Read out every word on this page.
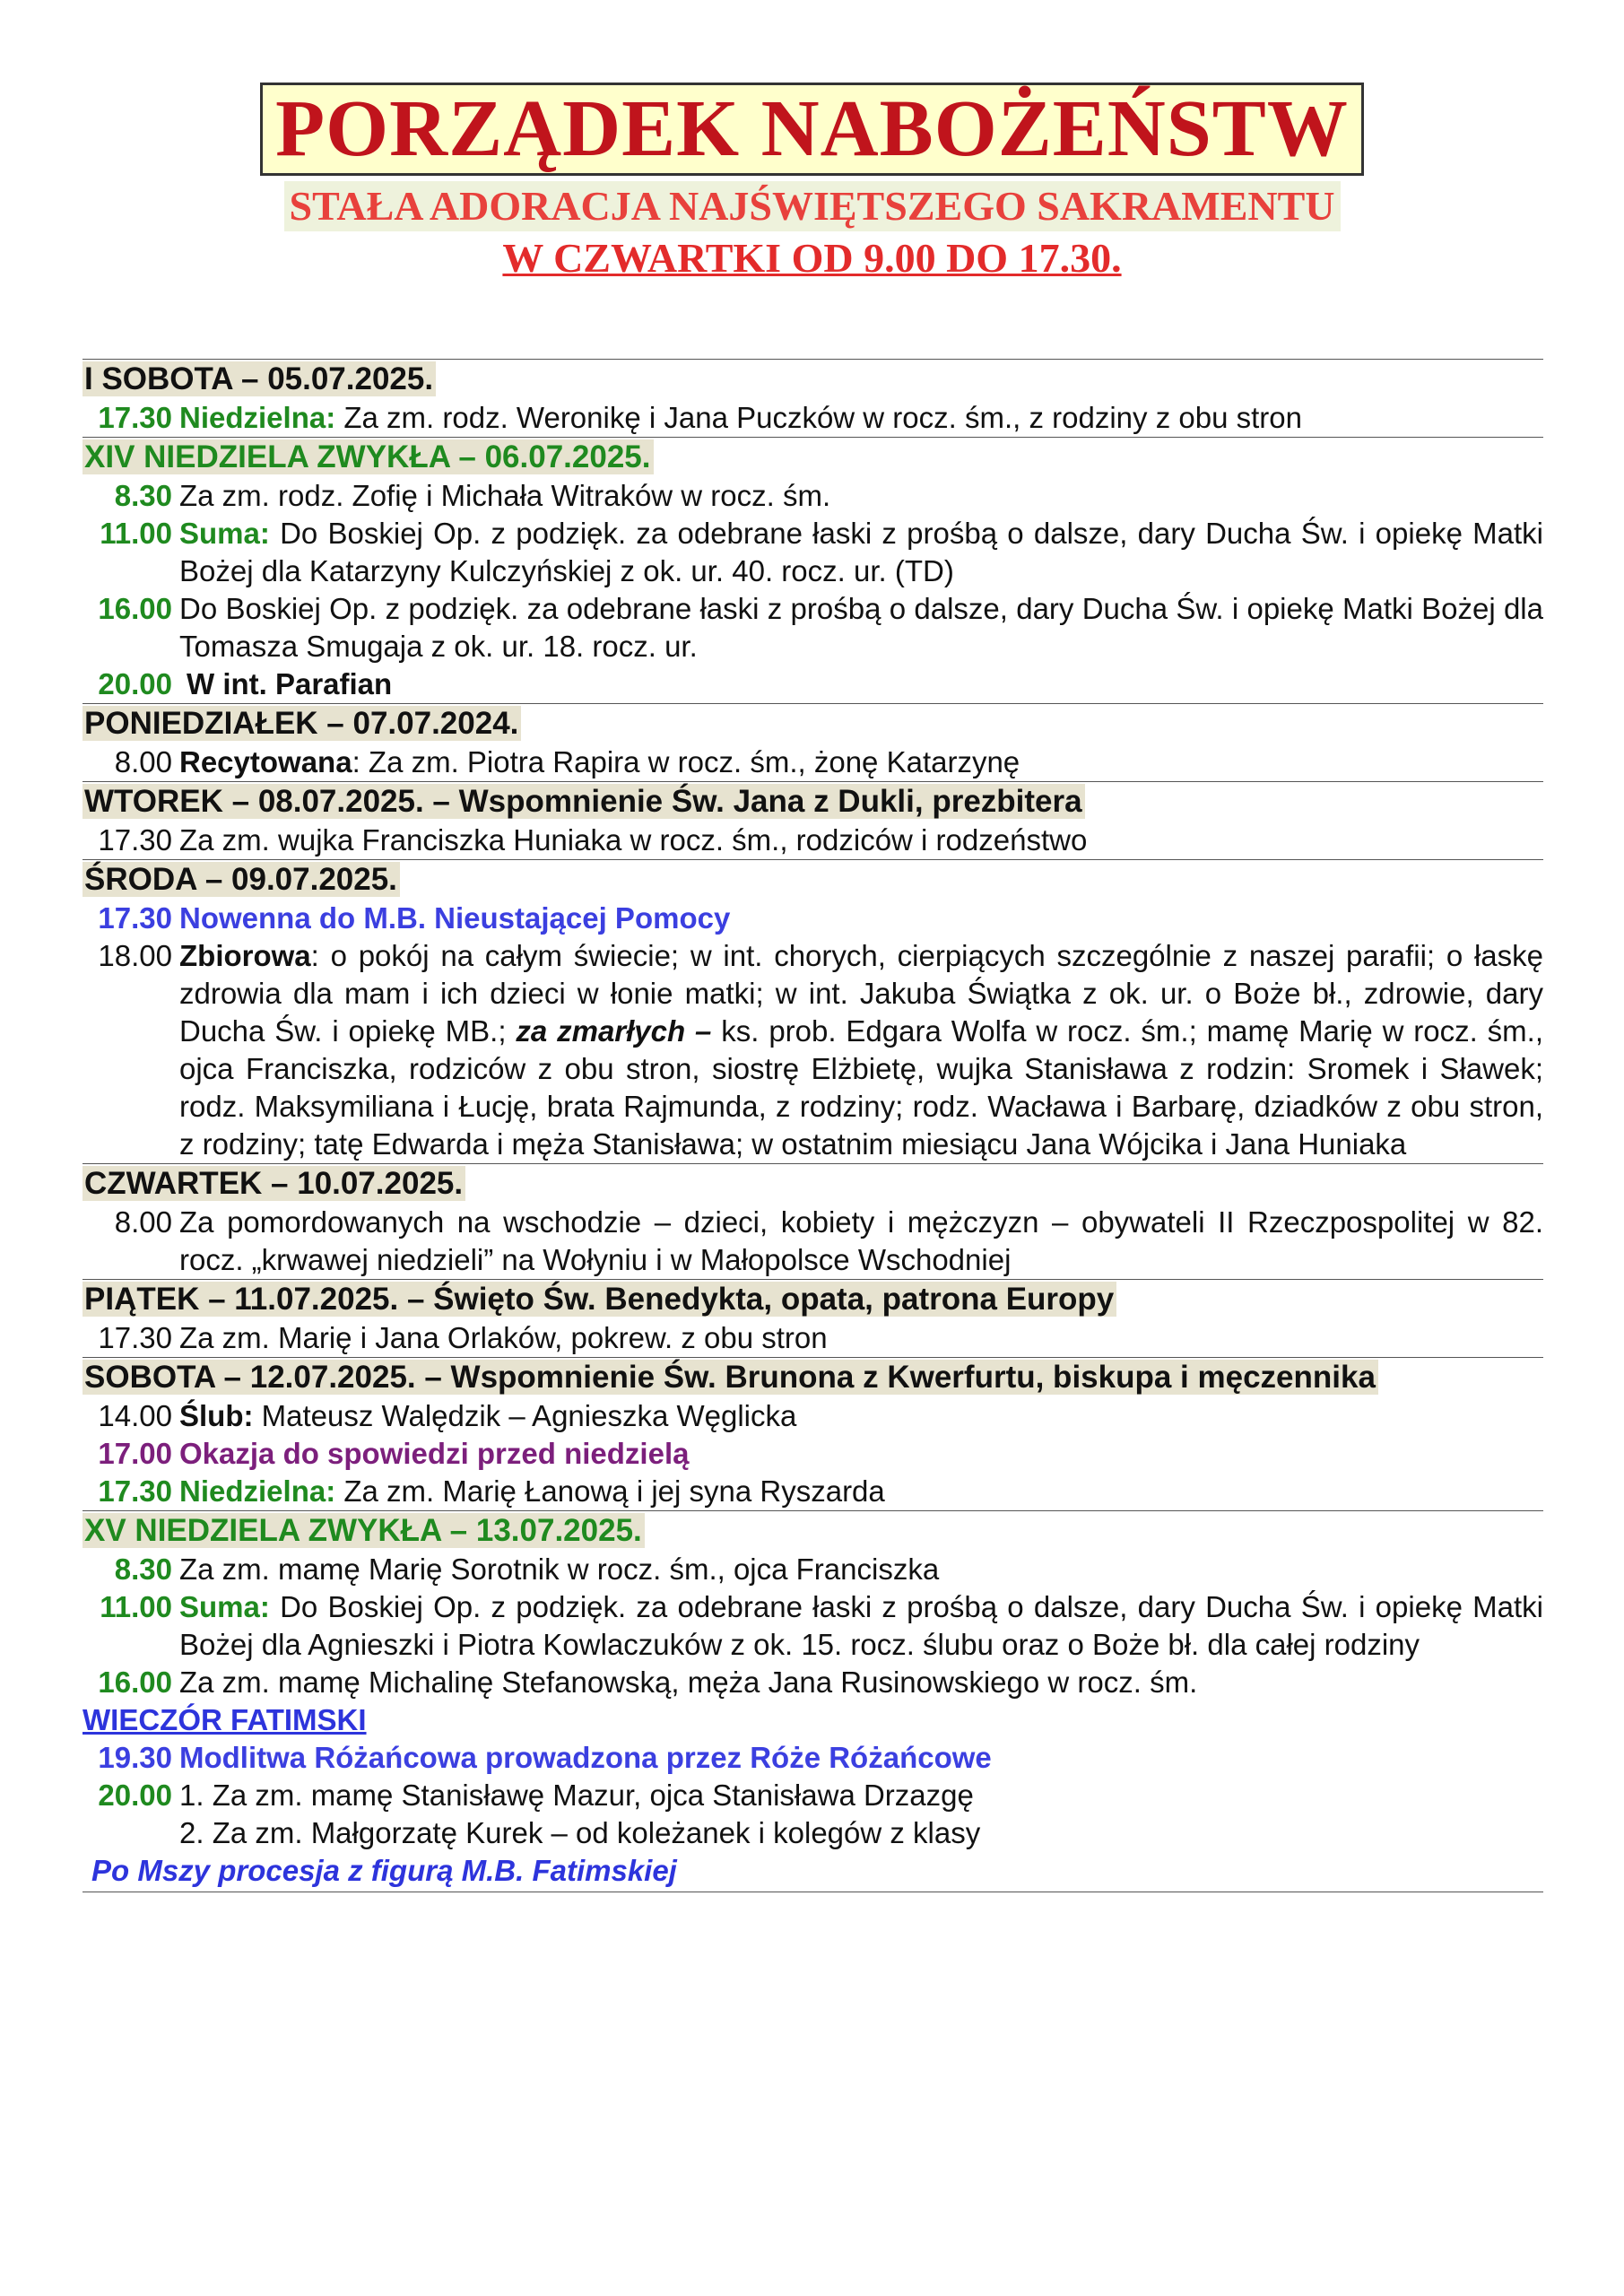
PORZĄDEK NABOŻEŃSTW
STAŁA ADORACJA NAJŚWIĘTSZEGO SAKRAMENTU
W CZWARTKI OD 9.00 DO 17.30.
I SOBOTA – 05.07.2025.
17.30 Niedzielna: Za zm. rodz. Weronikę i Jana Puczków w rocz. śm., z rodziny z obu stron
XIV NIEDZIELA ZWYKŁA – 06.07.2025.
8.30 Za zm. rodz. Zofię i Michała Witraków w rocz. śm.
11.00 Suma: Do Boskiej Op. z podzięk. za odebrane łaski z prośbą o dalsze, dary Ducha Św. i opiekę Matki Bożej dla Katarzyny Kulczyńskiej z ok. ur. 40. rocz. ur. (TD)
16.00 Do Boskiej Op. z podzięk. za odebrane łaski z prośbą o dalsze, dary Ducha Św. i opiekę Matki Bożej dla Tomasza Smugaja z ok. ur. 18. rocz. ur.
20.00 W int. Parafian
PONIEDZIAŁEK – 07.07.2024.
8.00 Recytowana: Za zm. Piotra Rapira w rocz. śm., żonę Katarzynę
WTOREK – 08.07.2025. – Wspomnienie Św. Jana z Dukli, prezbitera
17.30 Za zm. wujka Franciszka Huniaka w rocz. śm., rodziców i rodzeństwo
ŚRODA – 09.07.2025.
17.30 Nowenna do M.B. Nieustającej Pomocy
18.00 Zbiorowa: o pokój na całym świecie; w int. chorych, cierpiących szczególnie z naszej parafii; o łaskę zdrowia dla mam i ich dzieci w łonie matki; w int. Jakuba Świątka z ok. ur. o Boże bł., zdrowie, dary Ducha Św. i opiekę MB.; za zmarłych – ks. prob. Edgara Wolfa w rocz. śm.; mamę Marię w rocz. śm., ojca Franciszka, rodziców z obu stron, siostrę Elżbietę, wujka Stanisława z rodzin: Sromek i Sławek; rodz. Maksymiliana i Łucję, brata Rajmunda, z rodziny; rodz. Wacława i Barbarę, dziadków z obu stron, z rodziny; tatę Edwarda i męża Stanisława; w ostatnim miesiącu Jana Wójcika i Jana Huniaka
CZWARTEK – 10.07.2025.
8.00 Za pomordowanych na wschodzie – dzieci, kobiety i mężczyzn – obywateli II Rzeczpospolitej w 82. rocz. „krwawej niedzieli” na Wołyniu i w Małopolsce Wschodniej
PIĄTEK – 11.07.2025. – Święto Św. Benedykta, opata, patrona Europy
17.30 Za zm. Marię i Jana Orlaków, pokrew. z obu stron
SOBOTA – 12.07.2025. – Wspomnienie Św. Brunona z Kwerfurtu, biskupa i męczennika
14.00 Ślub: Mateusz Walędzik – Agnieszka Węglicka
17.00 Okazja do spowiedzi przed niedzielą
17.30 Niedzielna: Za zm. Marię Łanową i jej syna Ryszarda
XV NIEDZIELA ZWYKŁA – 13.07.2025.
8.30 Za zm. mamę Marię Sorotnik w rocz. śm., ojca Franciszka
11.00 Suma: Do Boskiej Op. z podzięk. za odebrane łaski z prośbą o dalsze, dary Ducha Św. i opiekę Matki Bożej dla Agnieszki i Piotra Kowlaczuków z ok. 15. rocz. ślubu oraz o Boże bł. dla całej rodziny
16.00 Za zm. mamę Michalinę Stefanowską, męża Jana Rusinowskiego w rocz. śm.
WIECZÓR FATIMSKI
19.30 Modlitwa Różańcowa prowadzona przez Róże Różańcowe
20.00 1. Za zm. mamę Stanisławę Mazur, ojca Stanisława Drzazgę
2. Za zm. Małgorzatę Kurek – od koleżanek i kolegów z klasy
Po Mszy procesja z figurą M.B. Fatimskiej
